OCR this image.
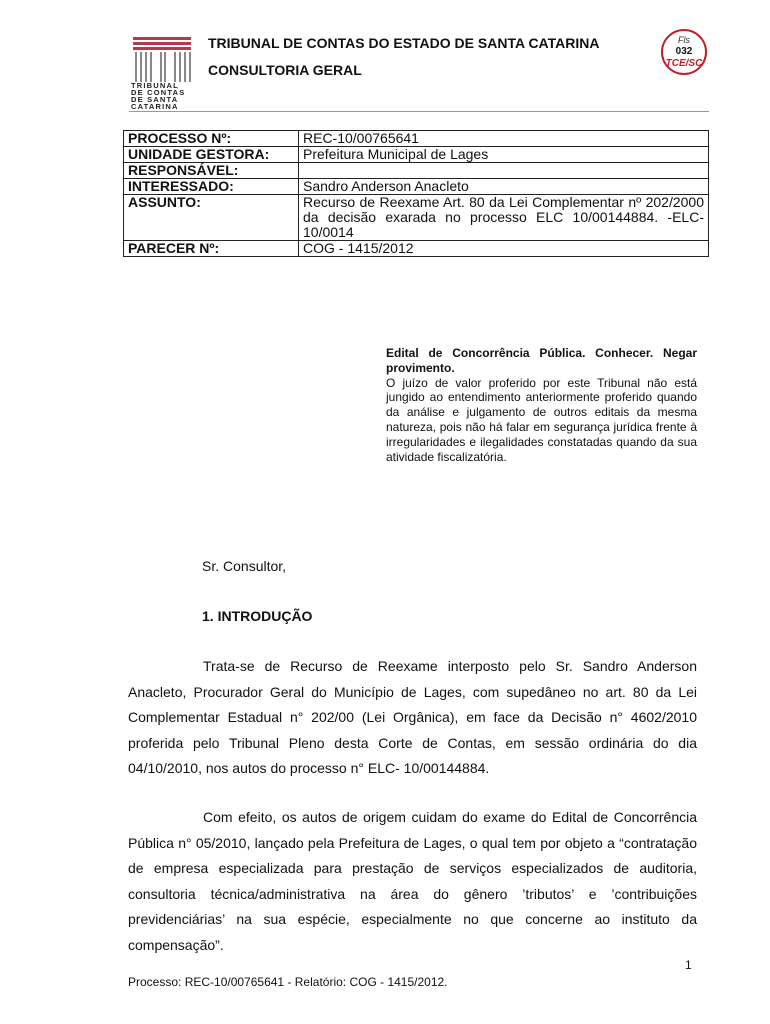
TRIBUNAL
DE CONTAS
DE SANTA
CATARINA
TRIBUNAL DE CONTAS DO ESTADO DE SANTA CATARINA
CONSULTORIA GERAL
Fls
032
TCE/SC
PROCESSO Nº:	REC-10/00765641
UNIDADE GESTORA:	Prefeitura Municipal de Lages
RESPONSÁVEL:	
INTERESSADO:	Sandro Anderson Anacleto
ASSUNTO:	Recurso de Reexame Art. 80 da Lei Complementar nº 202/2000 da decisão exarada no processo ELC 10/00144884. -ELC-10/0014
PARECER Nº:	COG - 1415/2012

Edital de Concorrência Pública. Conhecer. Negar provimento.

O juízo de valor proferido por este Tribunal não está jungido ao entendimento anteriormente proferido quando da análise e julgamento de outros editais da mesma natureza, pois não há falar em segurança jurídica frente à irregularidades e ilegalidades constatadas quando da sua atividade fiscalizatória.

Sr. Consultor,
1. INTRODUÇÃO

Trata-se de Recurso de Reexame interposto pelo Sr. Sandro Anderson Anacleto, Procurador Geral do Município de Lages, com supedâneo no art. 80 da Lei Complementar Estadual n° 202/00 (Lei Orgânica), em face da Decisão n° 4602/2010 proferida pelo Tribunal Pleno desta Corte de Contas, em sessão ordinária do dia 04/10/2010, nos autos do processo n° ELC- 10/00144884.

Com efeito, os autos de origem cuidam do exame do Edital de Concorrência Pública n° 05/2010, lançado pela Prefeitura de Lages, o qual tem por objeto a “contratação de empresa especializada para prestação de serviços especializados de auditoria, consultoria técnica/administrativa na área do gênero ’tributos’ e ’contribuições previdenciárias’ na sua espécie, especialmente no que concerne ao instituto da compensação”.

1
Processo: REC-10/00765641 - Relatório: COG - 1415/2012.
